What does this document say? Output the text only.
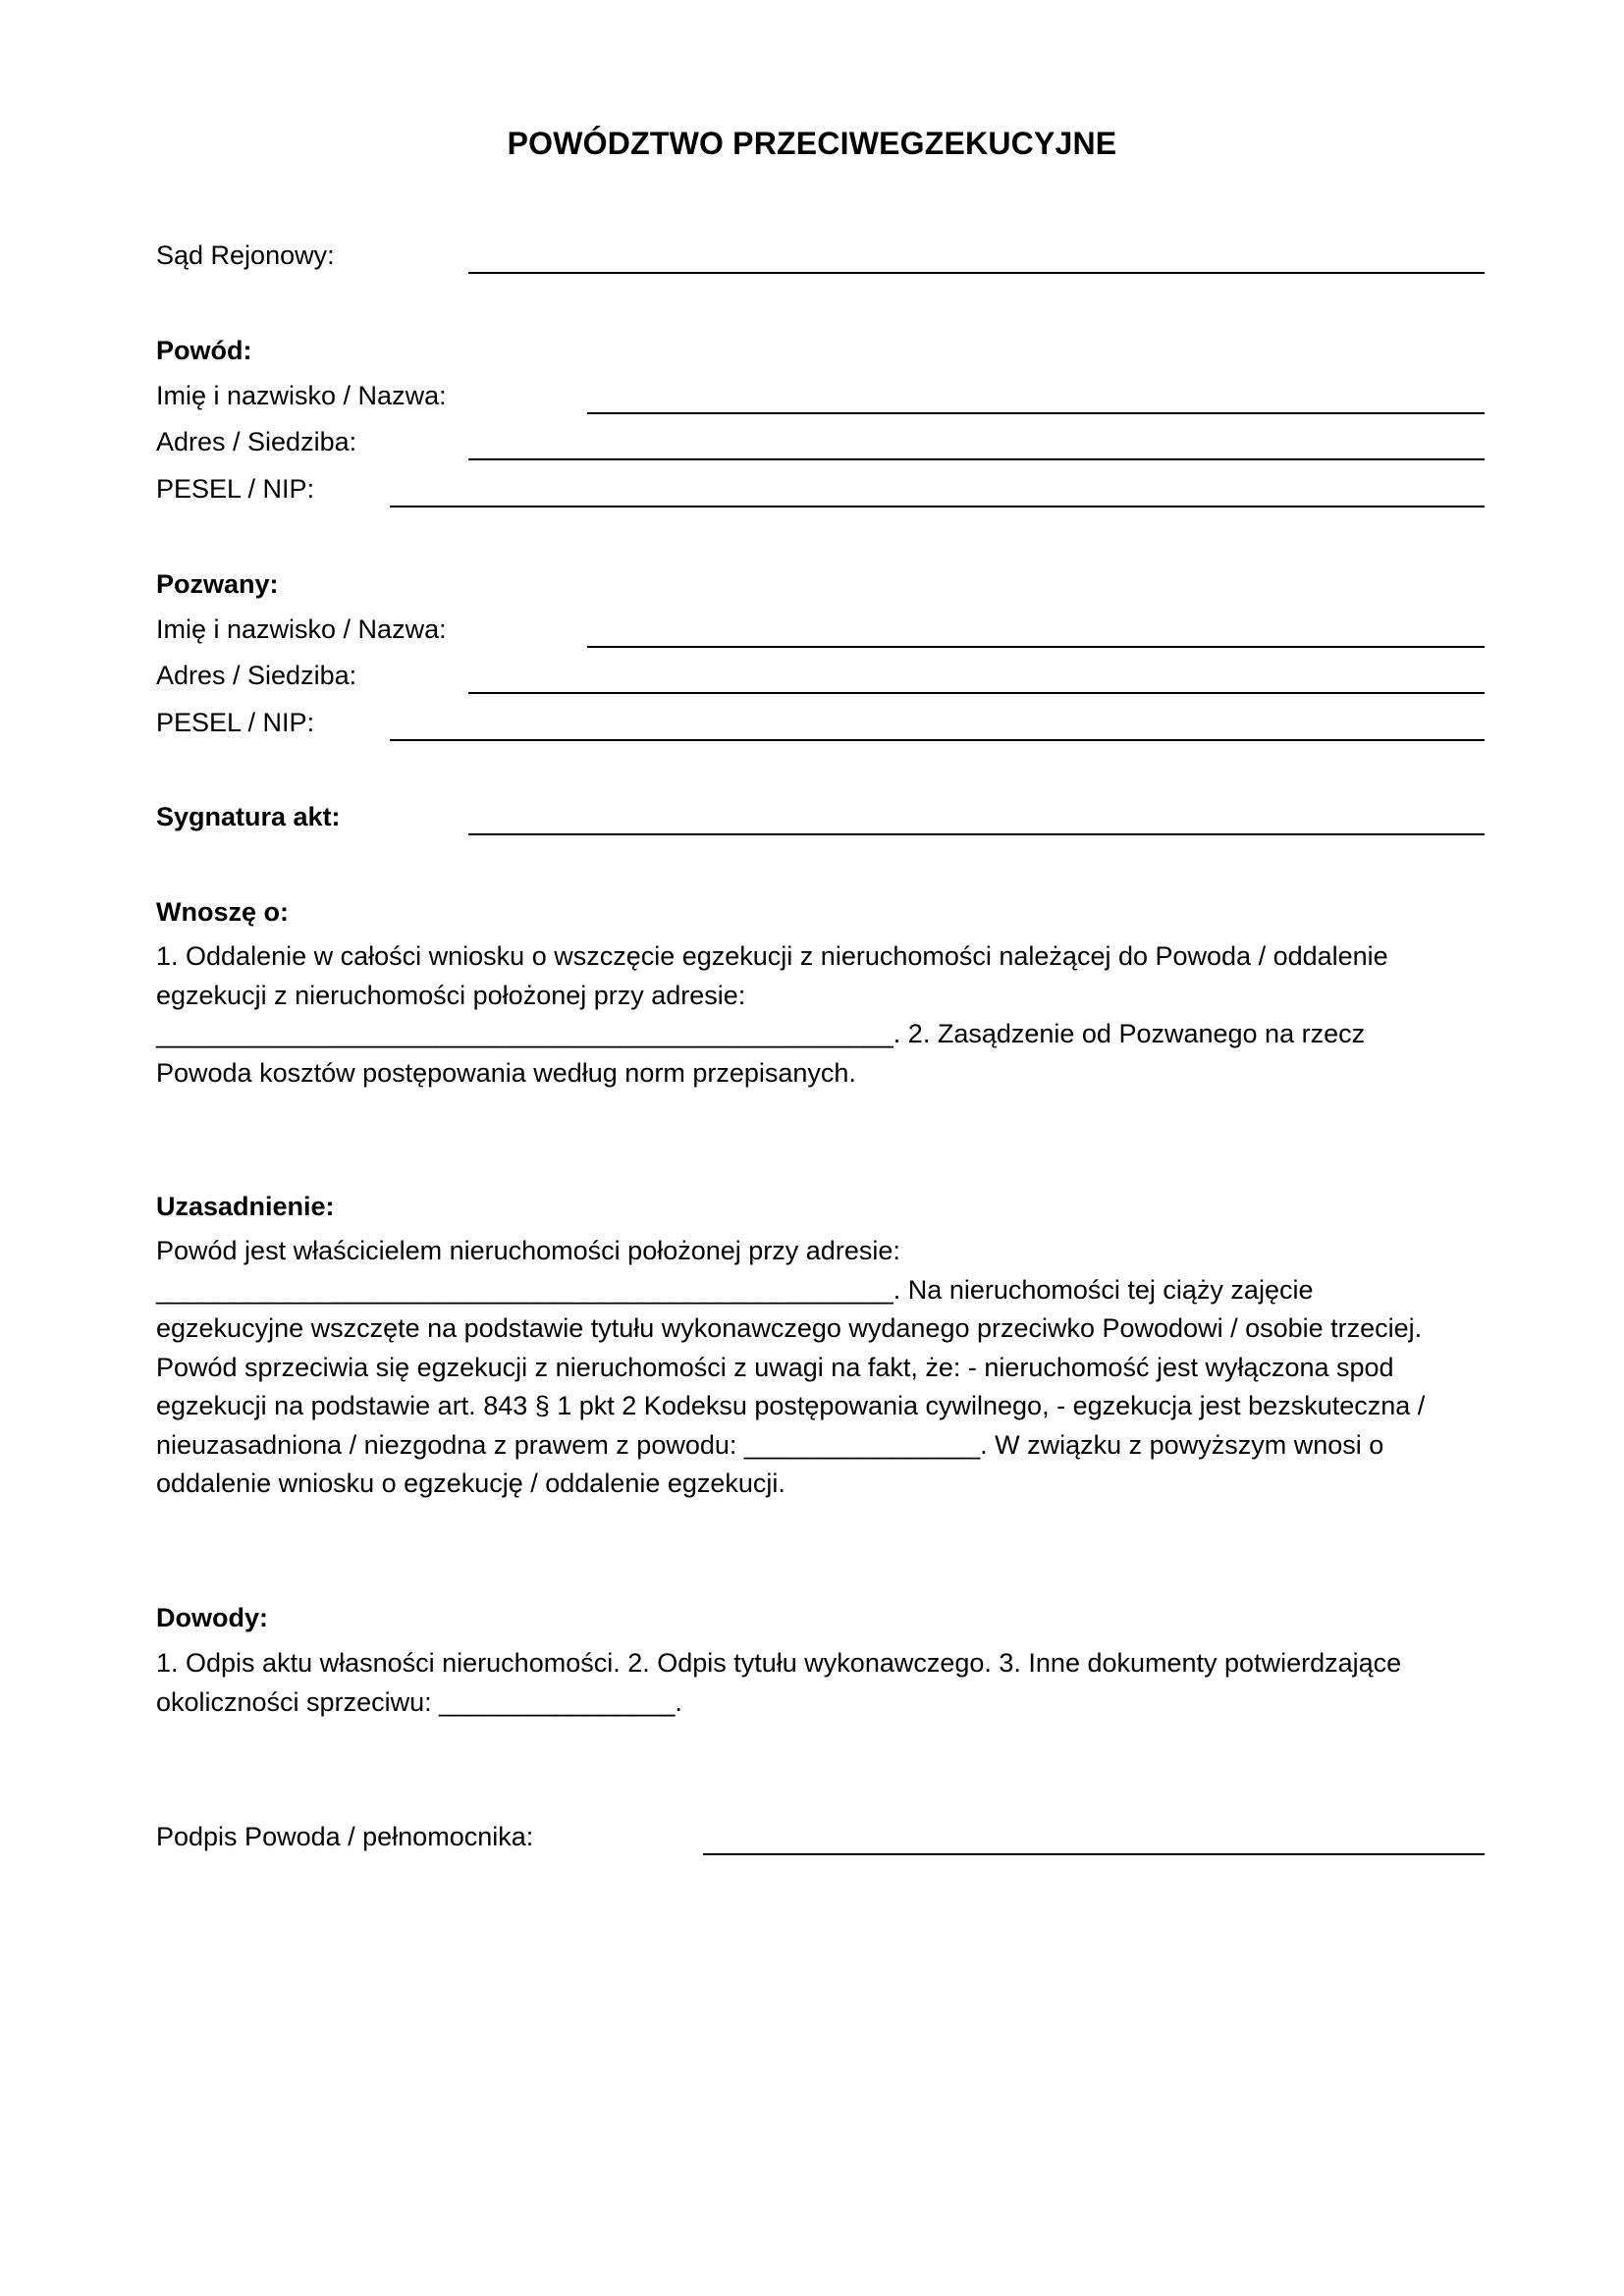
POWÓDZTWO PRZECIWEGZEKUCYJNE
Sąd Rejonowy:
Powód:
Imię i nazwisko / Nazwa:
Adres / Siedziba:
PESEL / NIP:
Pozwany:
Imię i nazwisko / Nazwa:
Adres / Siedziba:
PESEL / NIP:
Sygnatura akt:
Wnoszę o:
1. Oddalenie w całości wniosku o wszczęcie egzekucji z nieruchomości należącej do Powoda / oddalenie
egzekucji z nieruchomości położonej przy adresie:
__________________________________________________. 2. Zasądzenie od Pozwanego na rzecz
Powoda kosztów postępowania według norm przepisanych.
Uzasadnienie:
Powód jest właścicielem nieruchomości położonej przy adresie:
__________________________________________________. Na nieruchomości tej ciąży zajęcie
egzekucyjne wszczęte na podstawie tytułu wykonawczego wydanego przeciwko Powodowi / osobie trzeciej.
Powód sprzeciwia się egzekucji z nieruchomości z uwagi na fakt, że: - nieruchomość jest wyłączona spod
egzekucji na podstawie art. 843 § 1 pkt 2 Kodeksu postępowania cywilnego, - egzekucja jest bezskuteczna /
nieuzasadniona / niezgodna z prawem z powodu: ________________. W związku z powyższym wnosi o
oddalenie wniosku o egzekucję / oddalenie egzekucji.
Dowody:
1. Odpis aktu własności nieruchomości. 2. Odpis tytułu wykonawczego. 3. Inne dokumenty potwierdzające
okoliczności sprzeciwu: ________________.
Podpis Powoda / pełnomocnika:
